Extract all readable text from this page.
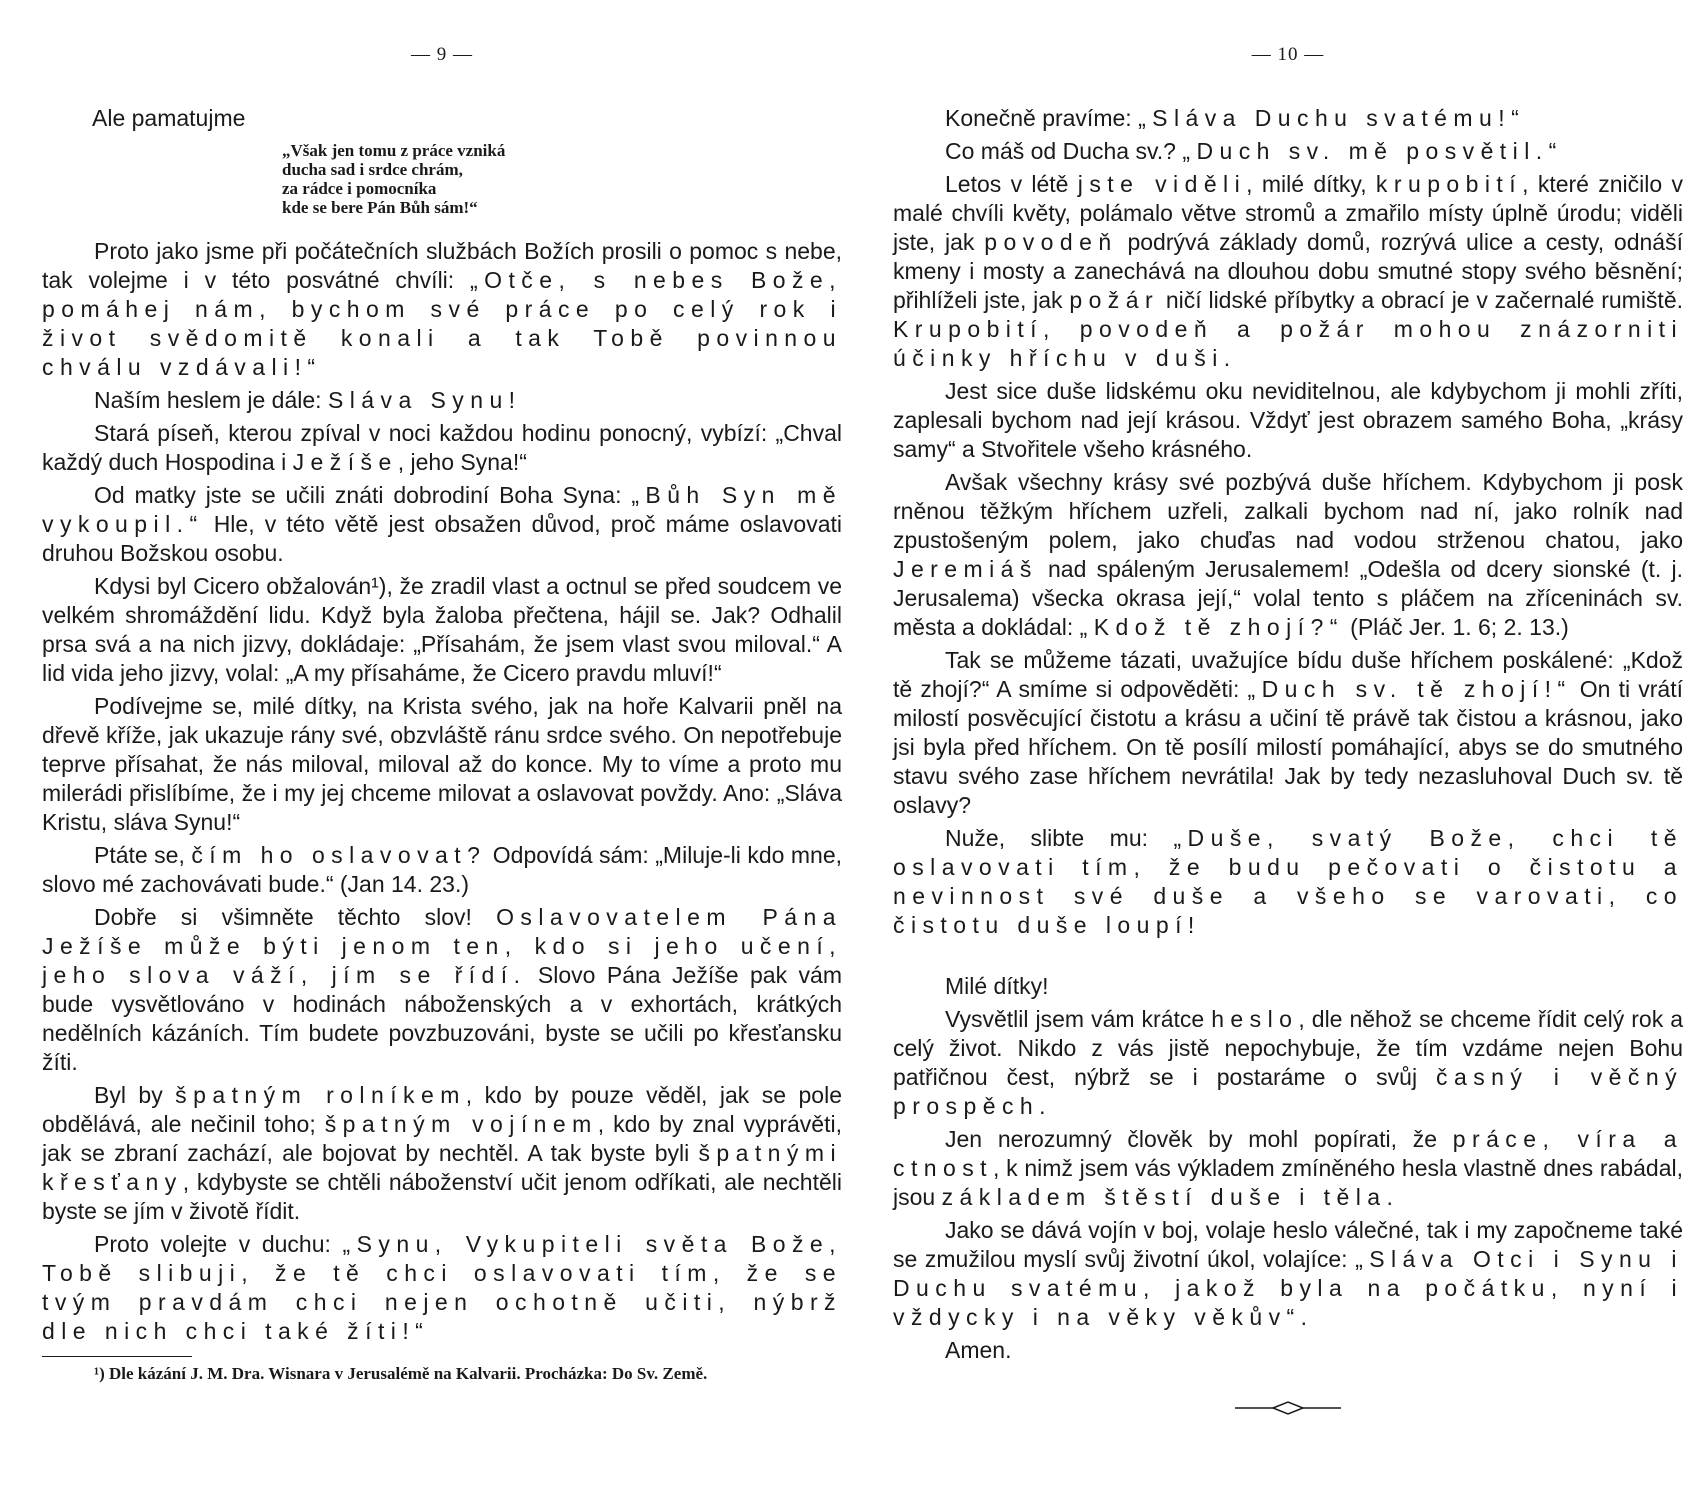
— 9 —
Ale pamatujme
„Však jen tomu z práce vzniká
ducha sad i srdce chrám,
za rádce i pomocníka
kde se bere Pán Bůh sám!“

Proto jako jsme při počátečních službách Božích prosili o pomoc s nebe, tak volejme i v této posvátné chvíli: „Otče, s nebes Bože, pomáhej nám, bychom své práce po celý rok i život svědomitě konali a tak Tobě povinnou chválu vzdávali!“

Naším heslem je dále: Sláva Synu!

Stará píseň, kterou zpíval v noci každou hodinu ponocný, vybízí: „Chval každý duch Hospodina i Ježíše, jeho Syna!“

Od matky jste se učili znáti dobrodiní Boha Syna: „Bůh Syn mě vykoupil.“ Hle, v této větě jest obsažen důvod, proč máme oslavovati druhou Božskou osobu.

Kdysi byl Cicero obžalován¹), že zradil vlast a octnul se před soudcem ve velkém shromáždění lidu. Když byla žaloba přečtena, hájil se. Jak? Odhalil prsa svá a na nich jizvy, dokládaje: „Přísahám, že jsem vlast svou miloval.“ A lid vida jeho jizvy, volal: „A my přísaháme, že Cicero pravdu mluví!“

Podívejme se, milé dítky, na Krista svého, jak na hoře Kalvarii pněl na dřevě kříže, jak ukazuje rány své, obzvláště ránu srdce svého. On nepotřebuje teprve přísahat, že nás miloval, miloval až do konce. My to víme a proto mu milerádi přislíbíme, že i my jej chceme milovat a oslavovat povždy. Ano: „Sláva Kristu, sláva Synu!“

Ptáte se, čím ho oslavovat? Odpovídá sám: „Miluje-li kdo mne, slovo mé zachovávati bude.“ (Jan 14. 23.)

Dobře si všimněte těchto slov! Oslavovatelem Pána Ježíše může býti jenom ten, kdo si jeho učení, jeho slova váží, jím se řídí. Slovo Pána Ježíše pak vám bude vysvětlováno v hodinách náboženských a v exhortách, krátkých nedělních kázáních. Tím budete povzbuzováni, byste se učili po křesťansku žíti.

Byl by špatným rolníkem, kdo by pouze věděl, jak se pole obdělává, ale nečinil toho; špatným vojínem, kdo by znal vyprávěti, jak se zbraní zachází, ale bojovat by nechtěl. A tak byste byli špatnými křesťany, kdybyste se chtěli náboženství učit jenom odříkati, ale nechtěli byste se jím v životě řídit.

Proto volejte v duchu: „Synu, Vykupiteli světa Bože, Tobě slibuji, že tě chci oslavovati tím, že se tvým pravdám chci nejen ochotně učiti, nýbrž dle nich chci také žíti!“

¹) Dle kázání J. M. Dra. Wisnara v Jerusalémě na Kalvarii. Procházka: Do Sv. Země.
— 10 —

Konečně pravíme: „Sláva Duchu svatému!“

Co máš od Ducha sv.? „Duch sv. mě posvětil.“

Letos v létě jste viděli, milé dítky, krupobití, které zničilo v malé chvíli květy, polámalo větve stromů a zmařilo místy úplně úrodu; viděli jste, jak povodeň podrývá základy domů, rozrývá ulice a cesty, odnáší kmeny i mosty a zanechává na dlouhou dobu smutné stopy svého běsnění; přihlíželi jste, jak požár ničí lidské příbytky a obrací je v začernalé rumiště. Krupobití, povodeň a požár mohou znázorniti účinky hříchu v duši.

Jest sice duše lidskému oku neviditelnou, ale kdybychom ji mohli zříti, zaplesali bychom nad její krásou. Vždyť jest obrazem samého Boha, „krásy samy“ a Stvořitele všeho krásného.

Avšak všechny krásy své pozbývá duše hříchem. Kdybychom ji posk rněnou těžkým hříchem uzřeli, zalkali bychom nad ní, jako rolník nad zpustošeným polem, jako chuďas nad vodou strženou chatou, jako Jeremiáš nad spáleným Jerusalemem! „Odešla od dcery sionské (t. j. Jerusalema) všecka okrasa její,“ volal tento s pláčem na zříceninách sv. města a dokládal: „Kdož tě zhojí?“ (Pláč Jer. 1. 6; 2. 13.)

Tak se můžeme tázati, uvažujíce bídu duše hříchem poskálené: „Kdož tě zhojí?“ A smíme si odpověděti: „Duch sv. tě zhojí!“ On ti vrátí milostí posvěcující čistotu a krásu a učiní tě právě tak čistou a krásnou, jako jsi byla před hříchem. On tě posílí milostí pomáhající, abys se do smutného stavu svého zase hříchem nevrátila! Jak by tedy nezasluhoval Duch sv. tě oslavy?

Nuže, slibte mu: „Duše, svatý Bože, chci tě oslavovati tím, že budu pečovati o čistotu a nevinnost své duše a všeho se varovati, co čistotu duše loupí!

Milé dítky!

Vysvětlil jsem vám krátce heslo, dle něhož se chceme řídit celý rok a celý život. Nikdo z vás jistě nepochybuje, že tím vzdáme nejen Bohu patřičnou čest, nýbrž se i postaráme o svůj časný i věčný prospěch.

Jen nerozumný člověk by mohl popírati, že práce, víra a ctnost, k nimž jsem vás výkladem zmíněného hesla vlastně dnes rabádal, jsou základem štěstí duše i těla.

Jako se dává vojín v boj, volaje heslo válečné, tak i my započneme také se zmužilou myslí svůj životní úkol, volajíce: „Sláva Otci i Synu i Duchu svatému, jakož byla na počátku, nyní i vždycky i na věky věkův“.

Amen.
